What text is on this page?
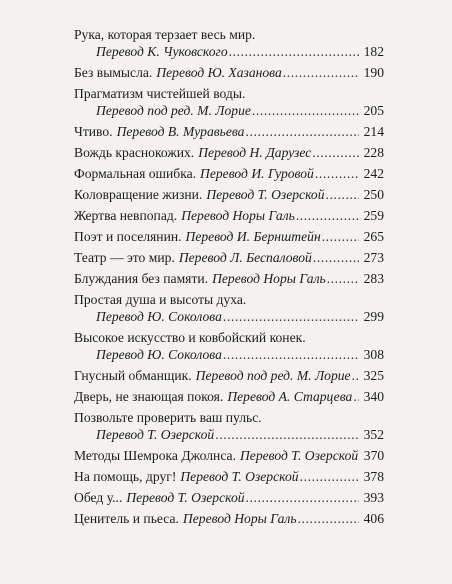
Рука, которая терзает весь мир.
Перевод К. Чуковского . . .	182
Без вымысла. Перевод Ю. Хазанова . . .	190
Прагматизм чистейшей воды.
Перевод под ред. М. Лорие . . .	205
Чтиво. Перевод В. Муравьева . . .	214
Вождь краснокожих. Перевод Н. Дарузес . . .	228
Формальная ошибка. Перевод И. Гуровой . . .	242
Коловращение жизни. Перевод Т. Озерской . . .	250
Жертва невпопад. Перевод Норы Галь . . .	259
Поэт и поселянин. Перевод И. Бернштейн . . .	265
Театр — это мир. Перевод Л. Беспаловой . . .	273
Блуждания без памяти. Перевод Норы Галь . . .	283
Простая душа и высоты духа.
Перевод Ю. Соколова . . .	299
Высокое искусство и ковбойский конек.
Перевод Ю. Соколова . . .	308
Гнусный обманщик. Перевод под ред. М. Лорие . . . 325
Дверь, не знающая покоя. Перевод А. Старцева . . . 340
Позвольте проверить ваш пульс.
Перевод Т. Озерской . . .	352
Методы Шемрока Джолнса. Перевод Т. Озерской 370
На помощь, друг! Перевод Т. Озерской . . .	378
Обед у... Перевод Т. Озерской . . .	393
Ценитель и пьеса. Перевод Норы Галь . . .	406
